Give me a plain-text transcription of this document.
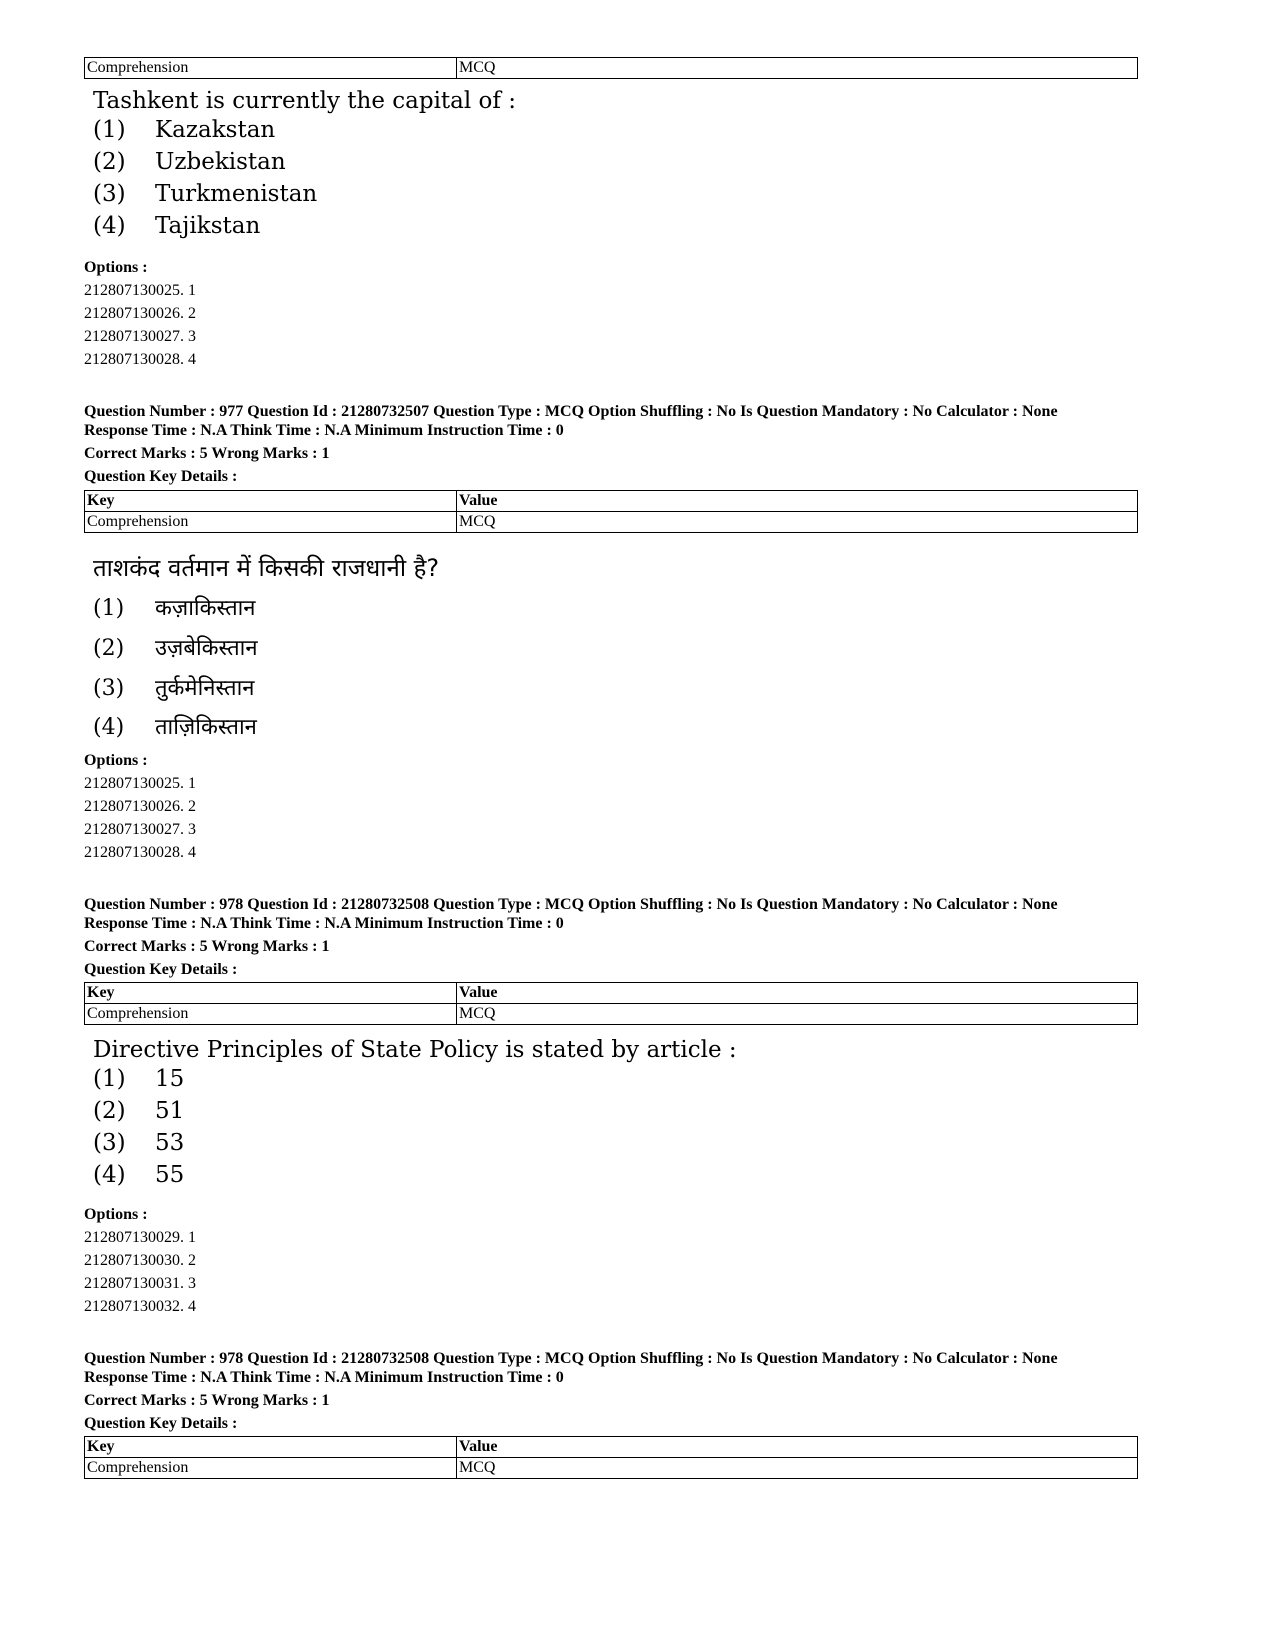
Comprehension	MCQ
Tashkent is currently the capital of :
(1) Kazakstan
(2) Uzbekistan
(3) Turkmenistan
(4) Tajikstan
Options :
212807130025. 1
212807130026. 2
212807130027. 3
212807130028. 4
Question Number : 977 Question Id : 21280732507 Question Type : MCQ Option Shuffling : No Is Question Mandatory : No Calculator : None
Response Time : N.A Think Time : N.A Minimum Instruction Time : 0
Correct Marks : 5 Wrong Marks : 1
Question Key Details :
Key	Value
Comprehension	MCQ
ताशकंद वर्तमान में किसकी राजधानी है?
(1) कज़ाकिस्तान
(2) उज़बेकिस्तान
(3) तुर्कमेनिस्तान
(4) ताज़िकिस्तान
Options :
212807130025. 1
212807130026. 2
212807130027. 3
212807130028. 4
Question Number : 978 Question Id : 21280732508 Question Type : MCQ Option Shuffling : No Is Question Mandatory : No Calculator : None
Response Time : N.A Think Time : N.A Minimum Instruction Time : 0
Correct Marks : 5 Wrong Marks : 1
Question Key Details :
Key	Value
Comprehension	MCQ
Directive Principles of State Policy is stated by article :
(1) 15
(2) 51
(3) 53
(4) 55
Options :
212807130029. 1
212807130030. 2
212807130031. 3
212807130032. 4
Question Number : 978 Question Id : 21280732508 Question Type : MCQ Option Shuffling : No Is Question Mandatory : No Calculator : None
Response Time : N.A Think Time : N.A Minimum Instruction Time : 0
Correct Marks : 5 Wrong Marks : 1
Question Key Details :
Key	Value
Comprehension	MCQ
